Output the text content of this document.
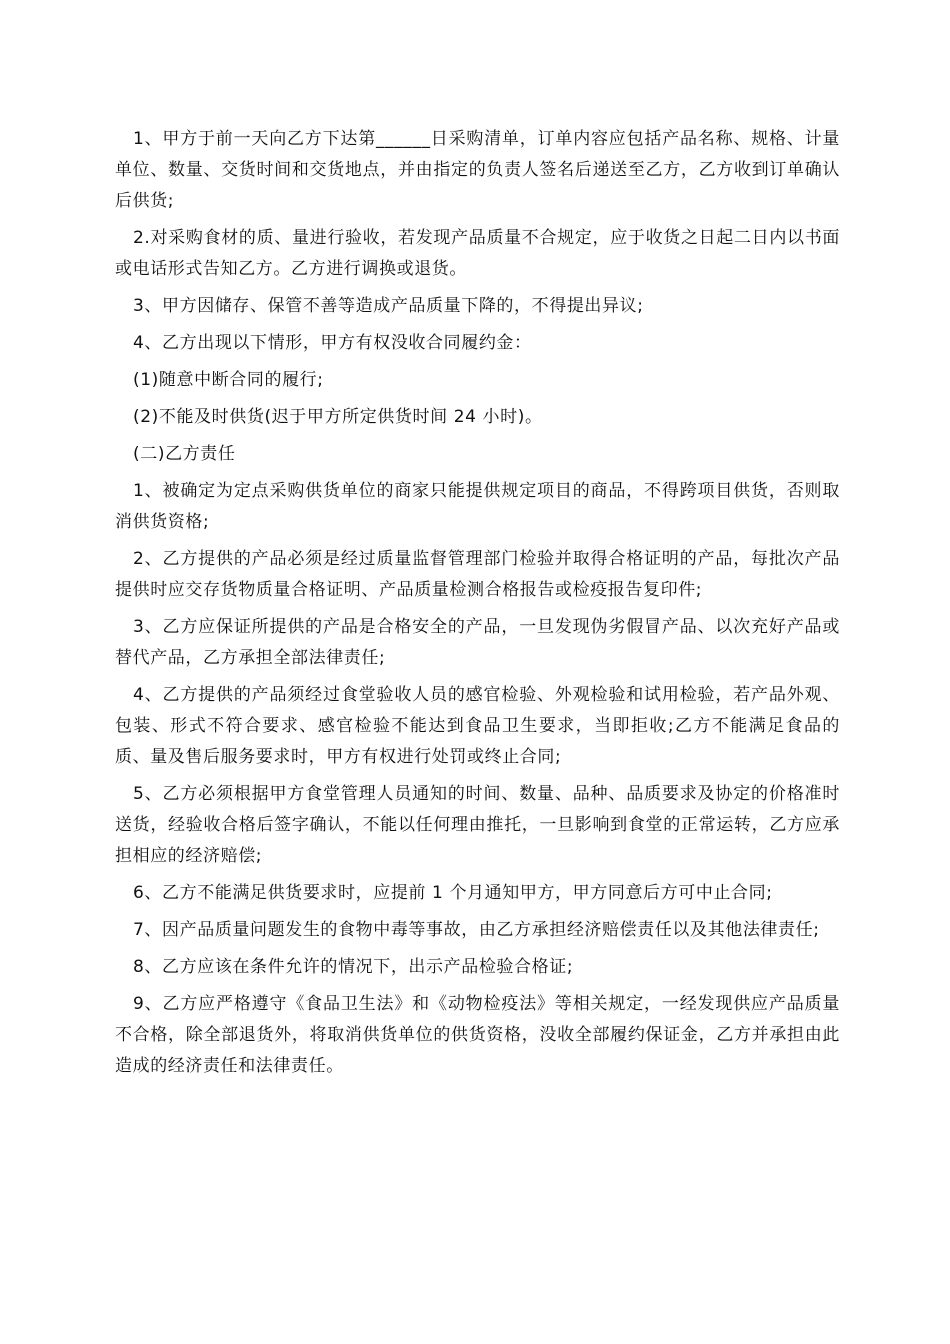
1、甲方于前一天向乙方下达第______日采购清单，订单内容应包括产品名称、规格、计量单位、数量、交货时间和交货地点，并由指定的负责人签名后递送至乙方，乙方收到订单确认后供货;

2.对采购食材的质、量进行验收，若发现产品质量不合规定，应于收货之日起二日内以书面或电话形式告知乙方。乙方进行调换或退货。

3、甲方因储存、保管不善等造成产品质量下降的，不得提出异议;

4、乙方出现以下情形，甲方有权没收合同履约金：

(1)随意中断合同的履行;

(2)不能及时供货(迟于甲方所定供货时间 24 小时)。

(二)乙方责任

1、被确定为定点采购供货单位的商家只能提供规定项目的商品，不得跨项目供货，否则取消供货资格;

2、乙方提供的产品必须是经过质量监督管理部门检验并取得合格证明的产品，每批次产品提供时应交存货物质量合格证明、产品质量检测合格报告或检疫报告复印件;

3、乙方应保证所提供的产品是合格安全的产品，一旦发现伪劣假冒产品、以次充好产品或替代产品，乙方承担全部法律责任;

4、乙方提供的产品须经过食堂验收人员的感官检验、外观检验和试用检验，若产品外观、包装、形式不符合要求、感官检验不能达到食品卫生要求，当即拒收;乙方不能满足食品的质、量及售后服务要求时，甲方有权进行处罚或终止合同;

5、乙方必须根据甲方食堂管理人员通知的时间、数量、品种、品质要求及协定的价格准时送货，经验收合格后签字确认，不能以任何理由推托，一旦影响到食堂的正常运转，乙方应承担相应的经济赔偿;

6、乙方不能满足供货要求时，应提前 1 个月通知甲方，甲方同意后方可中止合同;

7、因产品质量问题发生的食物中毒等事故，由乙方承担经济赔偿责任以及其他法律责任;

8、乙方应该在条件允许的情况下，出示产品检验合格证;

9、乙方应严格遵守《食品卫生法》和《动物检疫法》等相关规定，一经发现供应产品质量不合格，除全部退货外，将取消供货单位的供货资格，没收全部履约保证金，乙方并承担由此造成的经济责任和法律责任。
